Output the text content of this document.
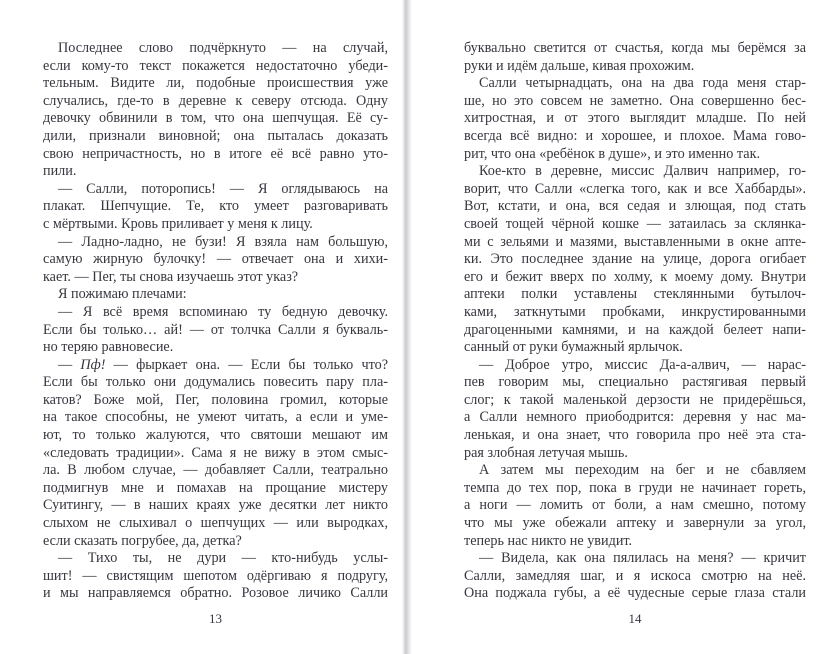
Последнее слово подчёркнуто — на случай,
если кому-то текст покажется недостаточно убеди-
тельным. Видите ли, подобные происшествия уже
случались, где-то в деревне к северу отсюда. Одну
девочку обвинили в том, что она шепчущая. Её су-
дили, признали виновной; она пыталась доказать
свою непричастность, но в итоге её всё равно уто-
пили.
— Салли, поторопись! — Я оглядываюсь на
плакат. Шепчущие. Те, кто умеет разговаривать
с мёртвыми. Кровь приливает у меня к лицу.
— Ладно-ладно, не бузи! Я взяла нам большую,
самую жирную булочку! — отвечает она и хихи-
кает. — Пег, ты снова изучаешь этот указ?
Я пожимаю плечами:
— Я всё время вспоминаю ту бедную девочку.
Если бы только… ай! — от толчка Салли я букваль-
но теряю равновесие.
— Пф! — фыркает она. — Если бы только что?
Если бы только они додумались повесить пару пла-
катов? Боже мой, Пег, половина громил, которые
на такое способны, не умеют читать, а если и уме-
ют, то только жалуются, что святоши мешают им
«следовать традиции». Сама я не вижу в этом смыс-
ла. В любом случае, — добавляет Салли, театрально
подмигнув мне и помахав на прощание мистеру
Суитингу, — в наших краях уже десятки лет никто
слыхом не слыхивал о шепчущих — или выродках,
если сказать погрубее, да, детка?
— Тихо ты, не дури — кто-нибудь услы-
шит! — свистящим шепотом одёргиваю я подругу,
и мы направляемся обратно. Розовое личико Салли
13
буквально светится от счастья, когда мы берёмся за
руки и идём дальше, кивая прохожим.
Салли четырнадцать, она на два года меня стар-
ше, но это совсем не заметно. Она совершенно бес-
хитростная, и от этого выглядит младше. По ней
всегда всё видно: и хорошее, и плохое. Мама гово-
рит, что она «ребёнок в душе», и это именно так.
Кое-кто в деревне, миссис Далвич например, го-
ворит, что Салли «слегка того, как и все Хаббарды».
Вот, кстати, и она, вся седая и злющая, под стать
своей тощей чёрной кошке — затаилась за склянка-
ми с зельями и мазями, выставленными в окне апте-
ки. Это последнее здание на улице, дорога огибает
его и бежит вверх по холму, к моему дому. Внутри
аптеки полки уставлены стеклянными бутылоч-
ками, заткнутыми пробками, инкрустированными
драгоценными камнями, и на каждой белеет напи-
санный от руки бумажный ярлычок.
— Доброе утро, миссис Да-а-алвич, — нарас-
пев говорим мы, специально растягивая первый
слог; к такой маленькой дерзости не придерёшься,
а Салли немного приободрится: деревня у нас ма-
ленькая, и она знает, что говорила про неё эта ста-
рая злобная летучая мышь.
А затем мы переходим на бег и не сбавляем
темпа до тех пор, пока в груди не начинает гореть,
а ноги — ломить от боли, а нам смешно, потому
что мы уже обежали аптеку и завернули за угол,
теперь нас никто не увидит.
— Видела, как она пялилась на меня? — кричит
Салли, замедляя шаг, и я искоса смотрю на неё.
Она поджала губы, а её чудесные серые глаза стали
14
